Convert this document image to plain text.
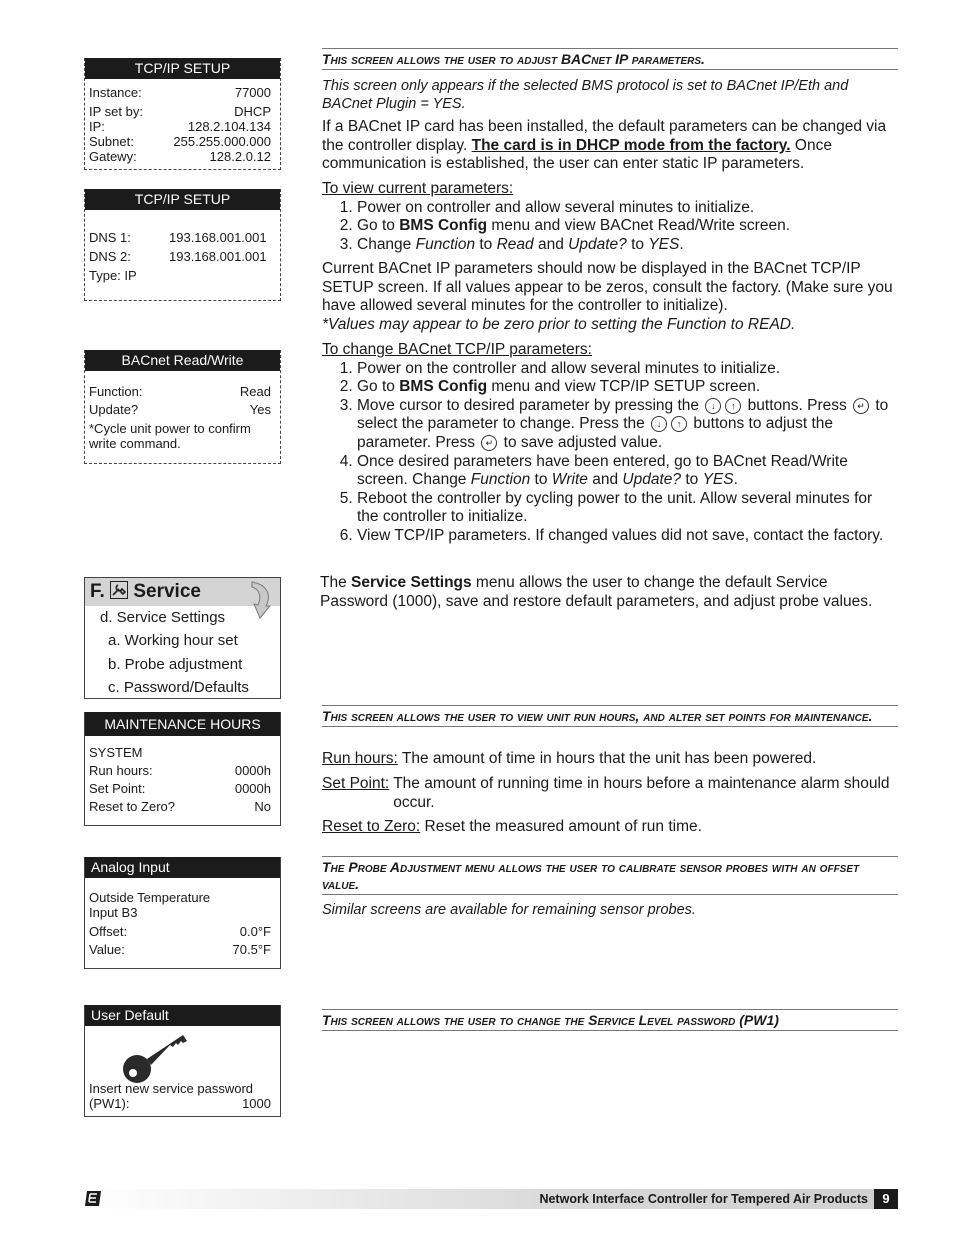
TCP/IP SETUP
Instance:	77000
IP set by:	DHCP
IP:	128.2.104.134
Subnet:	255.255.000.000
Gatewy:	128.2.0.12
TCP/IP SETUP
DNS 1:	193.168.001.001
DNS 2:	193.168.001.001
Type: IP
BACnet Read/Write
Function:	Read
Update?	Yes
*Cycle unit power to confirm write command.
F. Service
d. Service Settings
a. Working hour set
b. Probe adjustment
c. Password/Defaults
MAINTENANCE HOURS
SYSTEM
Run hours:	0000h
Set Point:	0000h
Reset to Zero?	No
Analog Input
Outside Temperature
Input B3
Offset:	0.0°F
Value:	70.5°F
User Default
Insert new service password
(PW1):	1000
This screen allows the user to adjust BACnet IP parameters.
This screen only appears if the selected BMS protocol is set to BACnet IP/Eth and BACnet Plugin = YES.
If a BACnet IP card has been installed, the default parameters can be changed via the controller display. The card is in DHCP mode from the factory. Once communication is established, the user can enter static IP parameters.
To view current parameters:
1. Power on controller and allow several minutes to initialize.
2. Go to BMS Config menu and view BACnet Read/Write screen.
3. Change Function to Read and Update? to YES.
Current BACnet IP parameters should now be displayed in the BACnet TCP/IP SETUP screen. If all values appear to be zeros, consult the factory. (Make sure you have allowed several minutes for the controller to initialize).
*Values may appear to be zero prior to setting the Function to READ.
To change BACnet TCP/IP parameters:
1. Power on the controller and allow several minutes to initialize.
2. Go to BMS Config menu and view TCP/IP SETUP screen.
3. Move cursor to desired parameter by pressing the ↓ ↑ buttons. Press ↵ to select the parameter to change. Press the ↓ ↑ buttons to adjust the parameter. Press ↵ to save adjusted value.
4. Once desired parameters have been entered, go to BACnet Read/Write screen. Change Function to Write and Update? to YES.
5. Reboot the controller by cycling power to the unit. Allow several minutes for the controller to initialize.
6. View TCP/IP parameters. If changed values did not save, contact the factory.
The Service Settings menu allows the user to change the default Service Password (1000), save and restore default parameters, and adjust probe values.
This screen allows the user to view unit run hours, and alter set points for maintenance.
Run hours: The amount of time in hours that the unit has been powered.
Set Point: The amount of running time in hours before a maintenance alarm should occur.
Reset to Zero: Reset the measured amount of run time.
The Probe Adjustment menu allows the user to calibrate sensor probes with an offset value.
Similar screens are available for remaining sensor probes.
This screen allows the user to change the Service Level password (PW1)
Network Interface Controller for Tempered Air Products	9
